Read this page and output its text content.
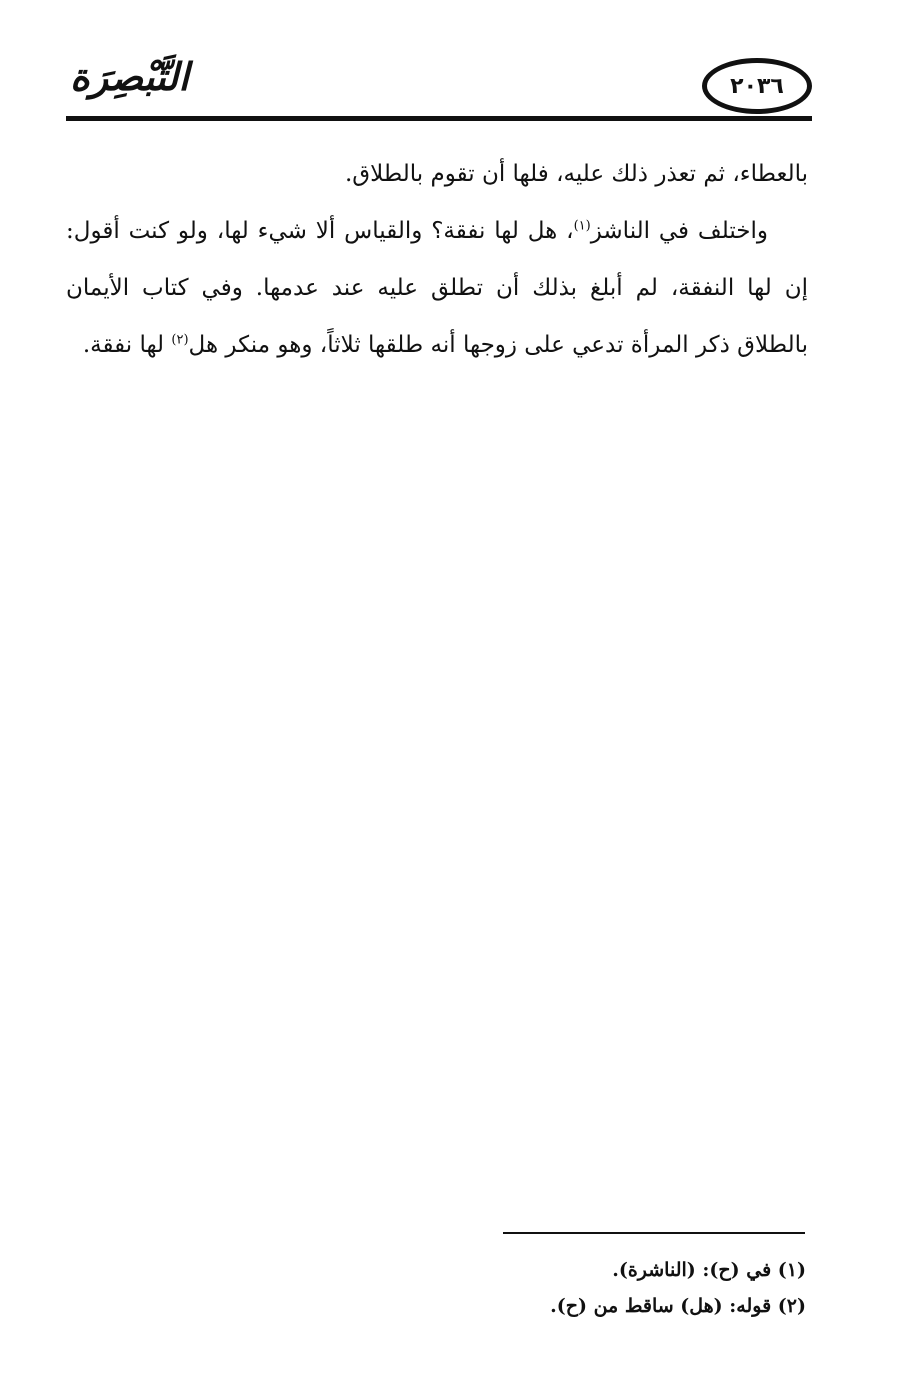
التَّبْصِرَة	٢٠٣٦

بالعطاء، ثم تعذر ذلك عليه، فلها أن تقوم بالطلاق.

واختلف في الناشز$^{(١)}$، هل لها نفقة؟ والقياس ألا شيء لها، ولو كنت أقول: إن لها النفقة، لم أبلغ بذلك أن تطلق عليه عند عدمها. وفي كتاب الأيمان بالطلاق ذكر المرأة تدعي على زوجها أنه طلقها ثلاثاً، وهو منكر هل$^{(٢)}$ لها نفقة.

(١) في (ح): (الناشرة).

(٢) قوله: (هل) ساقط من (ح).
